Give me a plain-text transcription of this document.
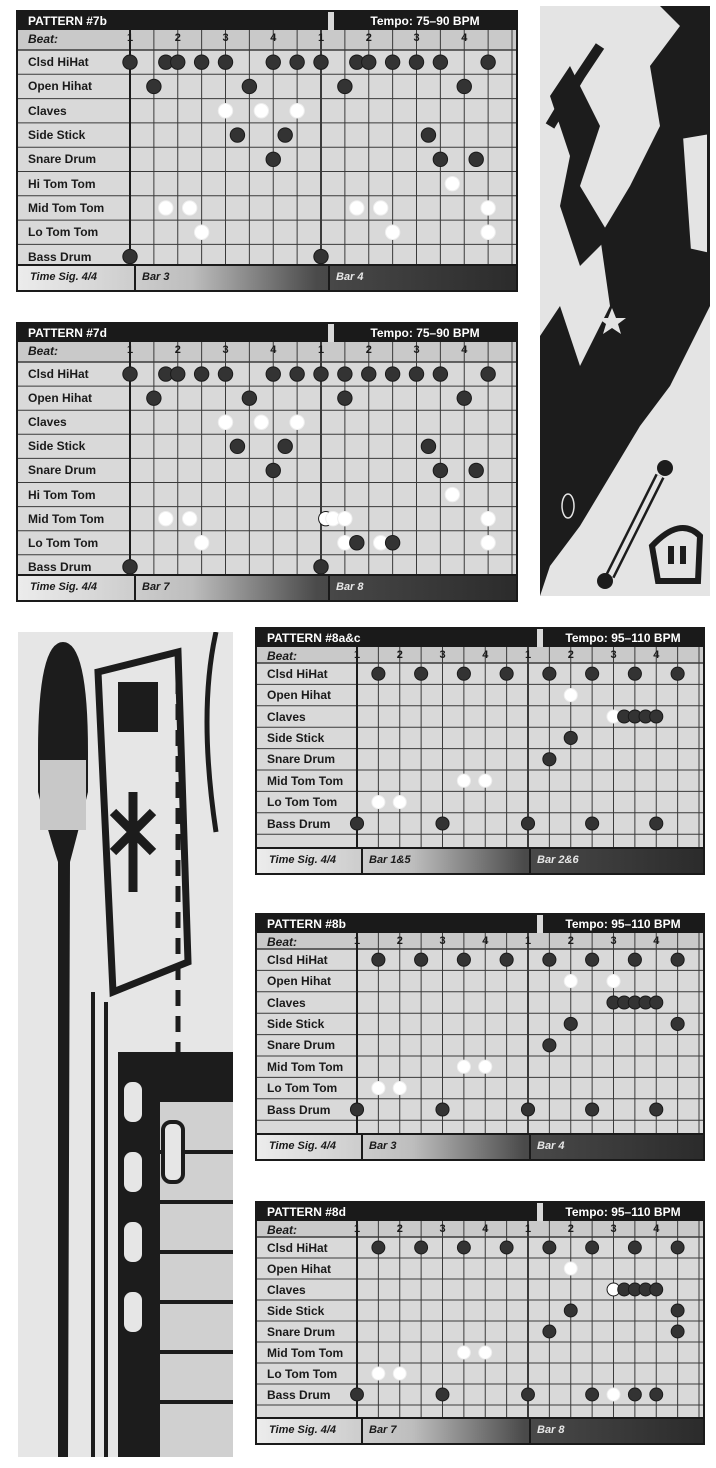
PATTERN #7b	Tempo: 75–90 BPM
Beat:	1	2	3	4	1	2	3	4
Clsd HiHat
Open Hihat
Claves
Side Stick
Snare Drum
Hi Tom Tom
Mid Tom Tom
Lo Tom Tom
Bass Drum
Time Sig. 4/4	Bar 3	Bar 4
PATTERN #7d	Tempo: 75–90 BPM
Beat:	1	2	3	4	1	2	3	4
Clsd HiHat
Open Hihat
Claves
Side Stick
Snare Drum
Hi Tom Tom
Mid Tom Tom
Lo Tom Tom
Bass Drum
Time Sig. 4/4	Bar 7	Bar 8
PATTERN #8a&c	Tempo: 95–110 BPM
Beat:	1	2	3	4	1	2	3	4
Clsd HiHat
Open Hihat
Claves
Side Stick
Snare Drum
Mid Tom Tom
Lo Tom Tom
Bass Drum
Time Sig. 4/4	Bar 1&5	Bar 2&6
PATTERN #8b	Tempo: 95–110 BPM
Beat:	1	2	3	4	1	2	3	4
Clsd HiHat
Open Hihat
Claves
Side Stick
Snare Drum
Mid Tom Tom
Lo Tom Tom
Bass Drum
Time Sig. 4/4	Bar 3	Bar 4
PATTERN #8d	Tempo: 95–110 BPM
Beat:	1	2	3	4	1	2	3	4
Clsd HiHat
Open Hihat
Claves
Side Stick
Snare Drum
Mid Tom Tom
Lo Tom Tom
Bass Drum
Time Sig. 4/4	Bar 7	Bar 8
